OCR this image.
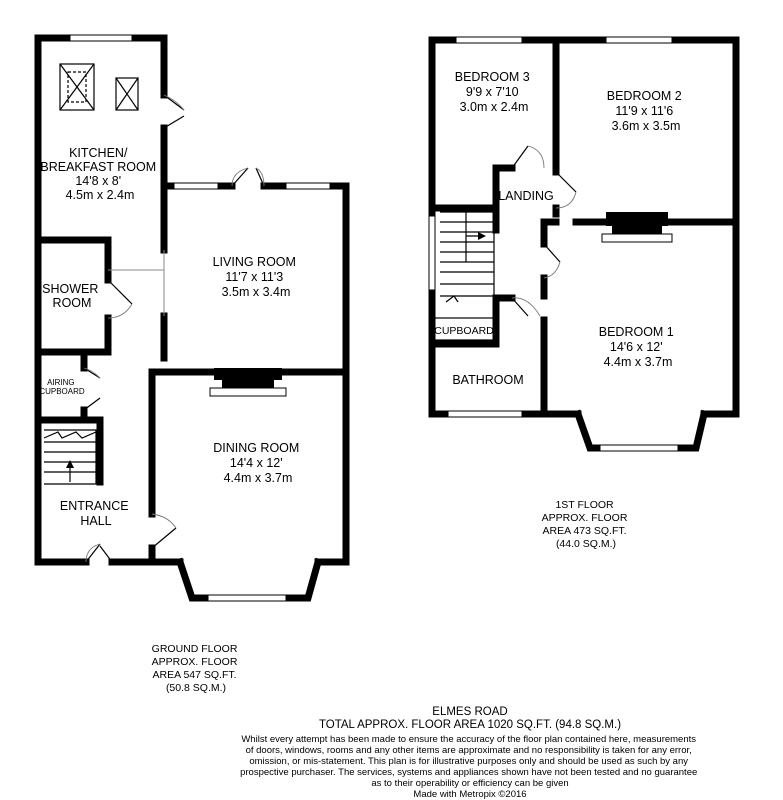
KITCHEN/ BREAKFAST ROOM 14'8 x 8' 4.5m x 2.4m
LIVING ROOM 11'7 x 11'3 3.5m x 3.4m
SHOWER ROOM
AIRING CUPBOARD
DINING ROOM 14'4 x 12' 4.4m x 3.7m
ENTRANCE HALL
BEDROOM 3 9'9 x 7'10 3.0m x 2.4m
BEDROOM 2 11'9 x 11'6 3.6m x 3.5m
LANDING
CUPBOARD	BEDROOM 1 14'6 x 12' 4.4m x 3.7m
BATHROOM
GROUND FLOOR APPROX. FLOOR AREA 547 SQ.FT. (50.8 SQ.M.)
1ST FLOOR APPROX. FLOOR AREA 473 SQ.FT. (44.0 SQ.M.)
ELMES ROAD
TOTAL APPROX. FLOOR AREA 1020 SQ.FT. (94.8 SQ.M.)
Whilst every attempt has been made to ensure the accuracy of the floor plan contained here, measurements of doors, windows, rooms and any other items are approximate and no responsibility is taken for any error, omission, or mis-statement. This plan is for illustrative purposes only and should be used as such by any prospective purchaser. The services, systems and appliances shown have not been tested and no guarantee as to their operability or efficiency can be given
Made with Metropix ©2016
